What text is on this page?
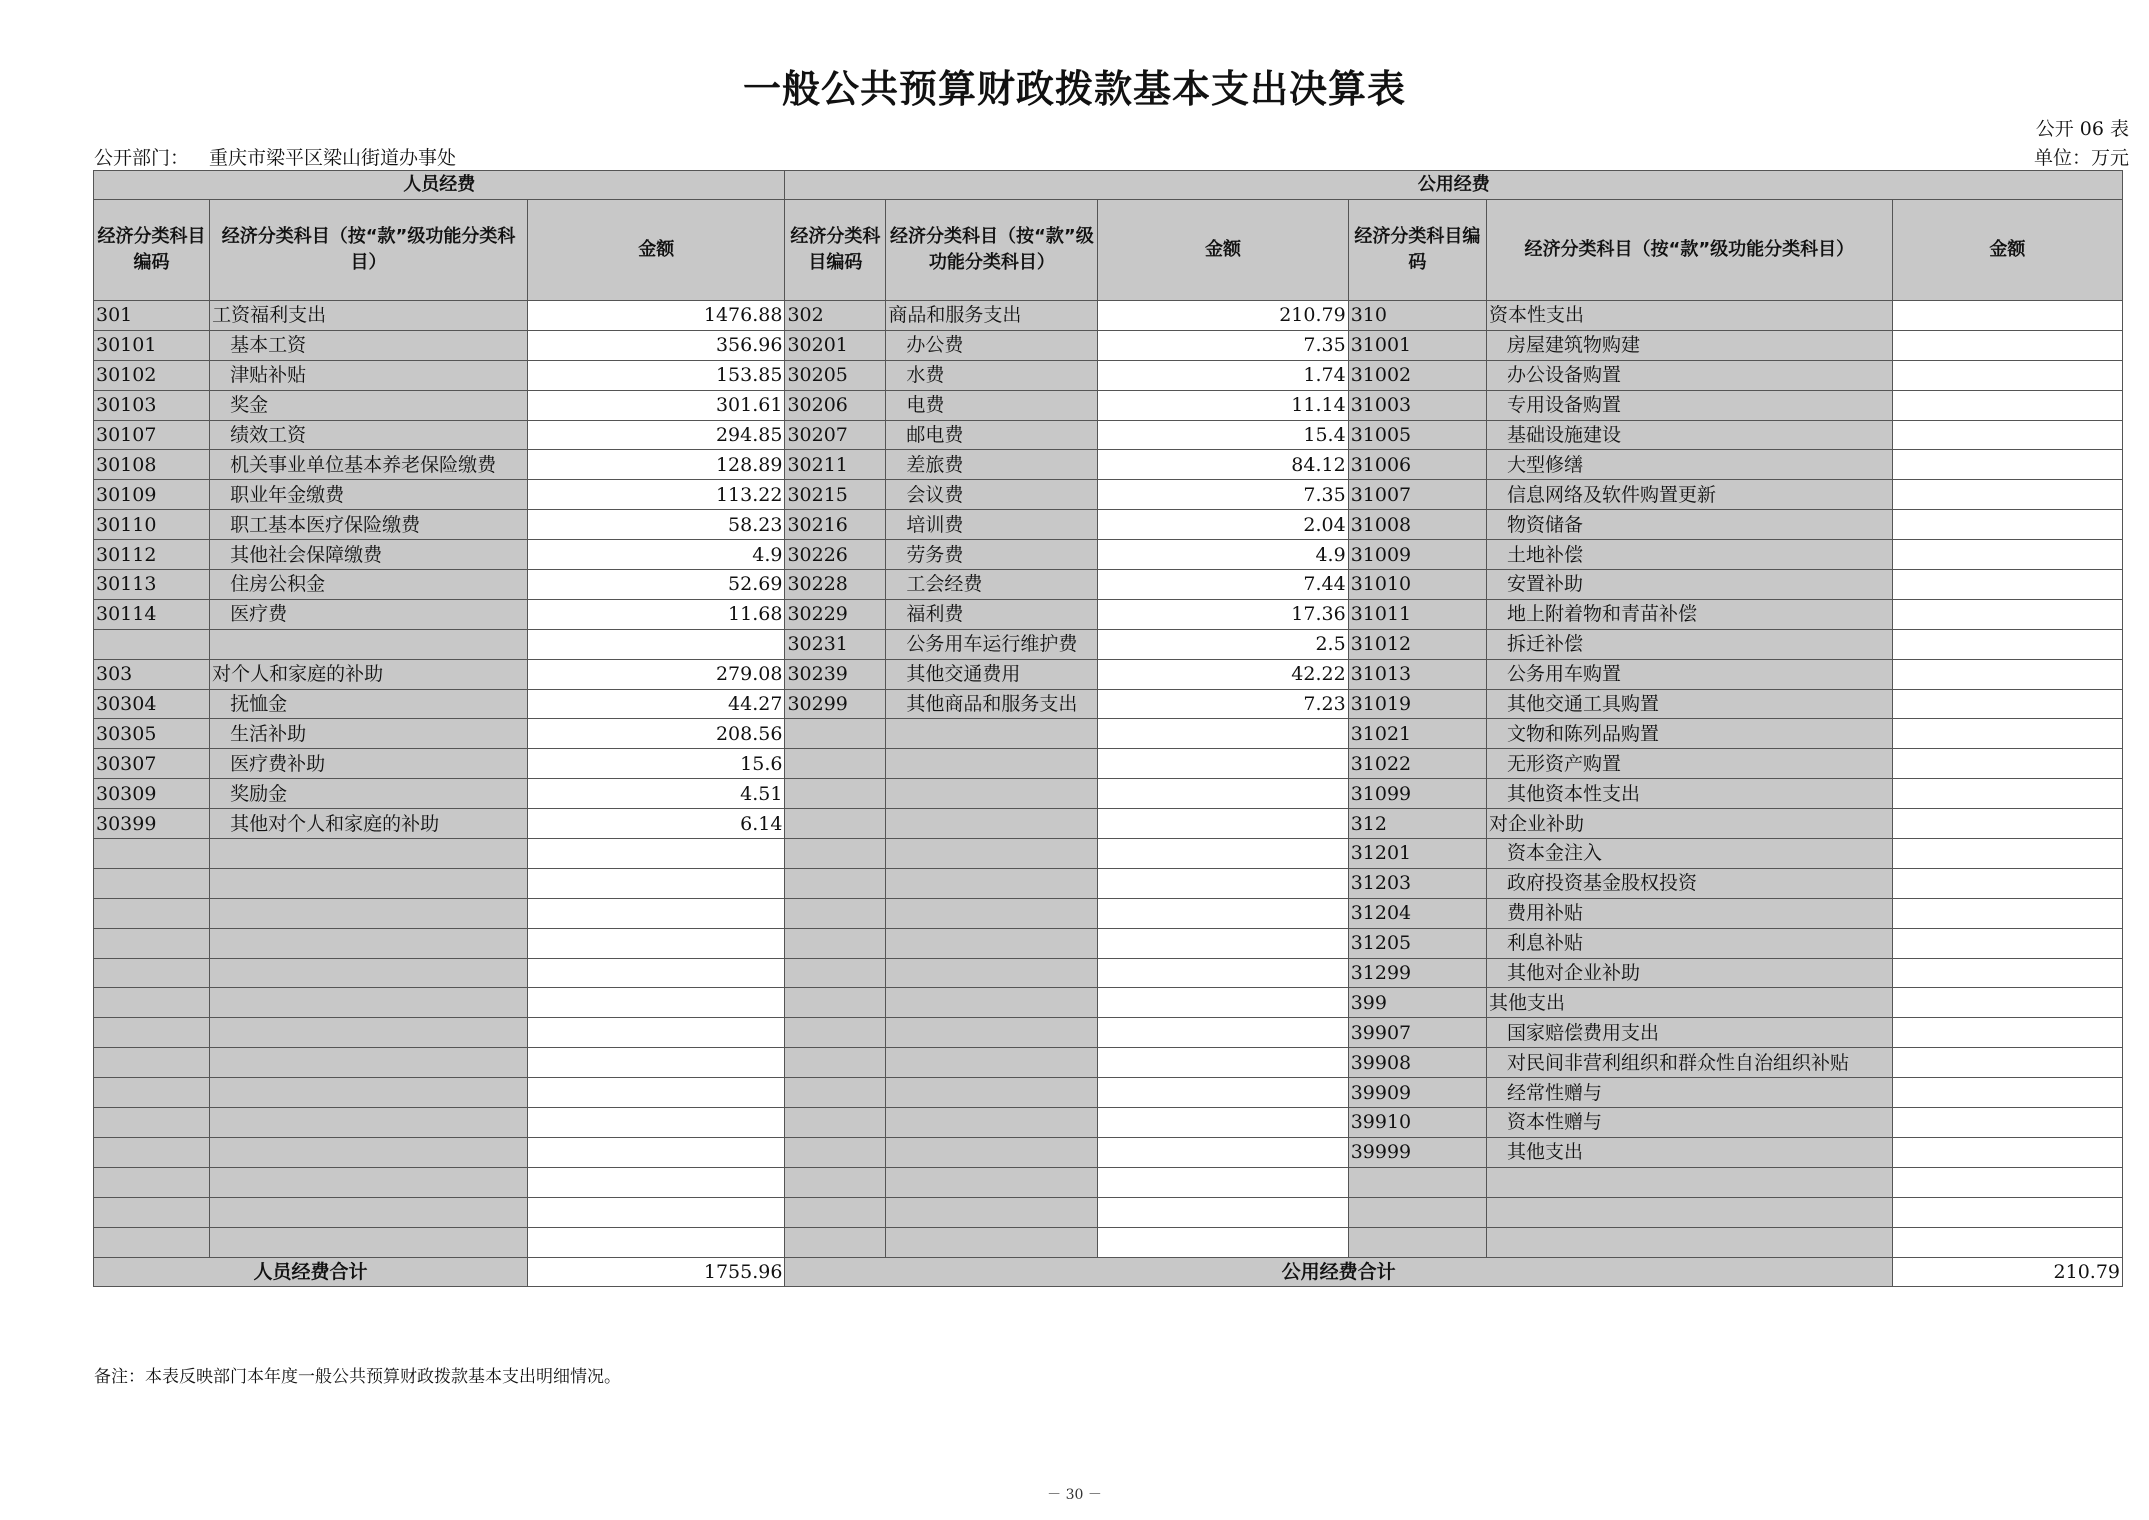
一般公共预算财政拨款基本支出决算表
公开 06 表
公开部门： 重庆市梁平区梁山街道办事处	单位：万元
人员经费			公用经费					
经济分类科目编码	经济分类科目（按“款”级功能分类科目）	金额	经济分类科目编码	经济分类科目（按“款”级功能分类科目）	金额	经济分类科目编码	经济分类科目（按“款”级功能分类科目）	金额
301	工资福利支出	1476.88	302	商品和服务支出	210.79	310	资本性支出	
30101	基本工资	356.96	30201	办公费	7.35	31001	房屋建筑物购建	
30102	津贴补贴	153.85	30205	水费	1.74	31002	办公设备购置	
30103	奖金	301.61	30206	电费	11.14	31003	专用设备购置	
30107	绩效工资	294.85	30207	邮电费	15.4	31005	基础设施建设	
30108	机关事业单位基本养老保险缴费	128.89	30211	差旅费	84.12	31006	大型修缮	
30109	职业年金缴费	113.22	30215	会议费	7.35	31007	信息网络及软件购置更新	
30110	职工基本医疗保险缴费	58.23	30216	培训费	2.04	31008	物资储备	
30112	其他社会保障缴费	4.9	30226	劳务费	4.9	31009	土地补偿	
30113	住房公积金	52.69	30228	工会经费	7.44	31010	安置补助	
30114	医疗费	11.68	30229	福利费	17.36	31011	地上附着物和青苗补偿	
			30231	公务用车运行维护费	2.5	31012	拆迁补偿	
303	对个人和家庭的补助	279.08	30239	其他交通费用	42.22	31013	公务用车购置	
30304	抚恤金	44.27	30299	其他商品和服务支出	7.23	31019	其他交通工具购置	
30305	生活补助	208.56				31021	文物和陈列品购置	
30307	医疗费补助	15.6				31022	无形资产购置	
30309	奖励金	4.51				31099	其他资本性支出	
30399	其他对个人和家庭的补助	6.14				312	对企业补助	
						31201	资本金注入	
						31203	政府投资基金股权投资	
						31204	费用补贴	
						31205	利息补贴	
						31299	其他对企业补助	
						399	其他支出	
						39907	国家赔偿费用支出	
						39908	对民间非营利组织和群众性自治组织补贴	
						39909	经常性赠与	
						39910	资本性赠与	
						39999	其他支出	

人员经费合计		1755.96	公用经费合计					210.79
备注：本表反映部门本年度一般公共预算财政拨款基本支出明细情况。
－ 30 －
